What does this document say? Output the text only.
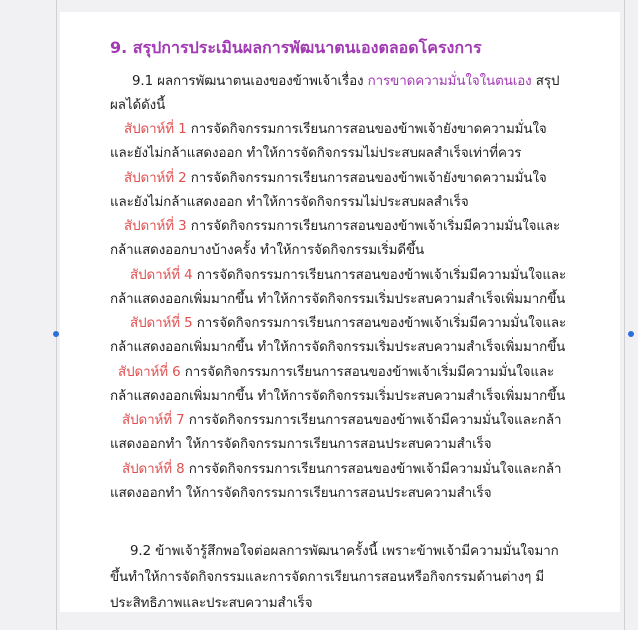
9. สรุปการประเมินผลการพัฒนาตนเองตลอดโครงการ
9.1 ผลการพัฒนาตนเองของข้าพเจ้าเรื่อง การขาดความมั่นใจในตนเอง สรุป
ผลได้ดังนี้
สัปดาห์ที่ 1 การจัดกิจกรรมการเรียนการสอนของข้าพเจ้ายังขาดความมั่นใจ
และยังไม่กล้าแสดงออก ทำให้การจัดกิจกรรมไม่ประสบผลสำเร็จเท่าที่ควร
สัปดาห์ที่ 2 การจัดกิจกรรมการเรียนการสอนของข้าพเจ้ายังขาดความมั่นใจ
และยังไม่กล้าแสดงออก ทำให้การจัดกิจกรรมไม่ประสบผลสำเร็จ
สัปดาห์ที่ 3 การจัดกิจกรรมการเรียนการสอนของข้าพเจ้าเริ่มมีความมั่นใจและ
กล้าแสดงออกบางบ้างครั้ง ทำให้การจัดกิจกรรมเริ่มดีขึ้น
สัปดาห์ที่ 4 การจัดกิจกรรมการเรียนการสอนของข้าพเจ้าเริ่มมีความมั่นใจและ
กล้าแสดงออกเพิ่มมากขึ้น ทำให้การจัดกิจกรรมเริ่มประสบความสำเร็จเพิ่มมากขึ้น
สัปดาห์ที่ 5 การจัดกิจกรรมการเรียนการสอนของข้าพเจ้าเริ่มมีความมั่นใจและ
กล้าแสดงออกเพิ่มมากขึ้น ทำให้การจัดกิจกรรมเริ่มประสบความสำเร็จเพิ่มมากขึ้น
สัปดาห์ที่ 6 การจัดกิจกรรมการเรียนการสอนของข้าพเจ้าเริ่มมีความมั่นใจและ
กล้าแสดงออกเพิ่มมากขึ้น ทำให้การจัดกิจกรรมเริ่มประสบความสำเร็จเพิ่มมากขึ้น
สัปดาห์ที่ 7 การจัดกิจกรรมการเรียนการสอนของข้าพเจ้ามีความมั่นใจและกล้า
แสดงออกทำ ให้การจัดกิจกรรมการเรียนการสอนประสบความสำเร็จ
สัปดาห์ที่ 8 การจัดกิจกรรมการเรียนการสอนของข้าพเจ้ามีความมั่นใจและกล้า
แสดงออกทำ ให้การจัดกิจกรรมการเรียนการสอนประสบความสำเร็จ
9.2 ข้าพเจ้ารู้สึกพอใจต่อผลการพัฒนาครั้งนี้ เพราะข้าพเจ้ามีความมั่นใจมาก
ขึ้นทำให้การจัดกิจกรรมและการจัดการเรียนการสอนหรือกิจกรรมด้านต่างๆ มี
ประสิทธิภาพและประสบความสำเร็จ
